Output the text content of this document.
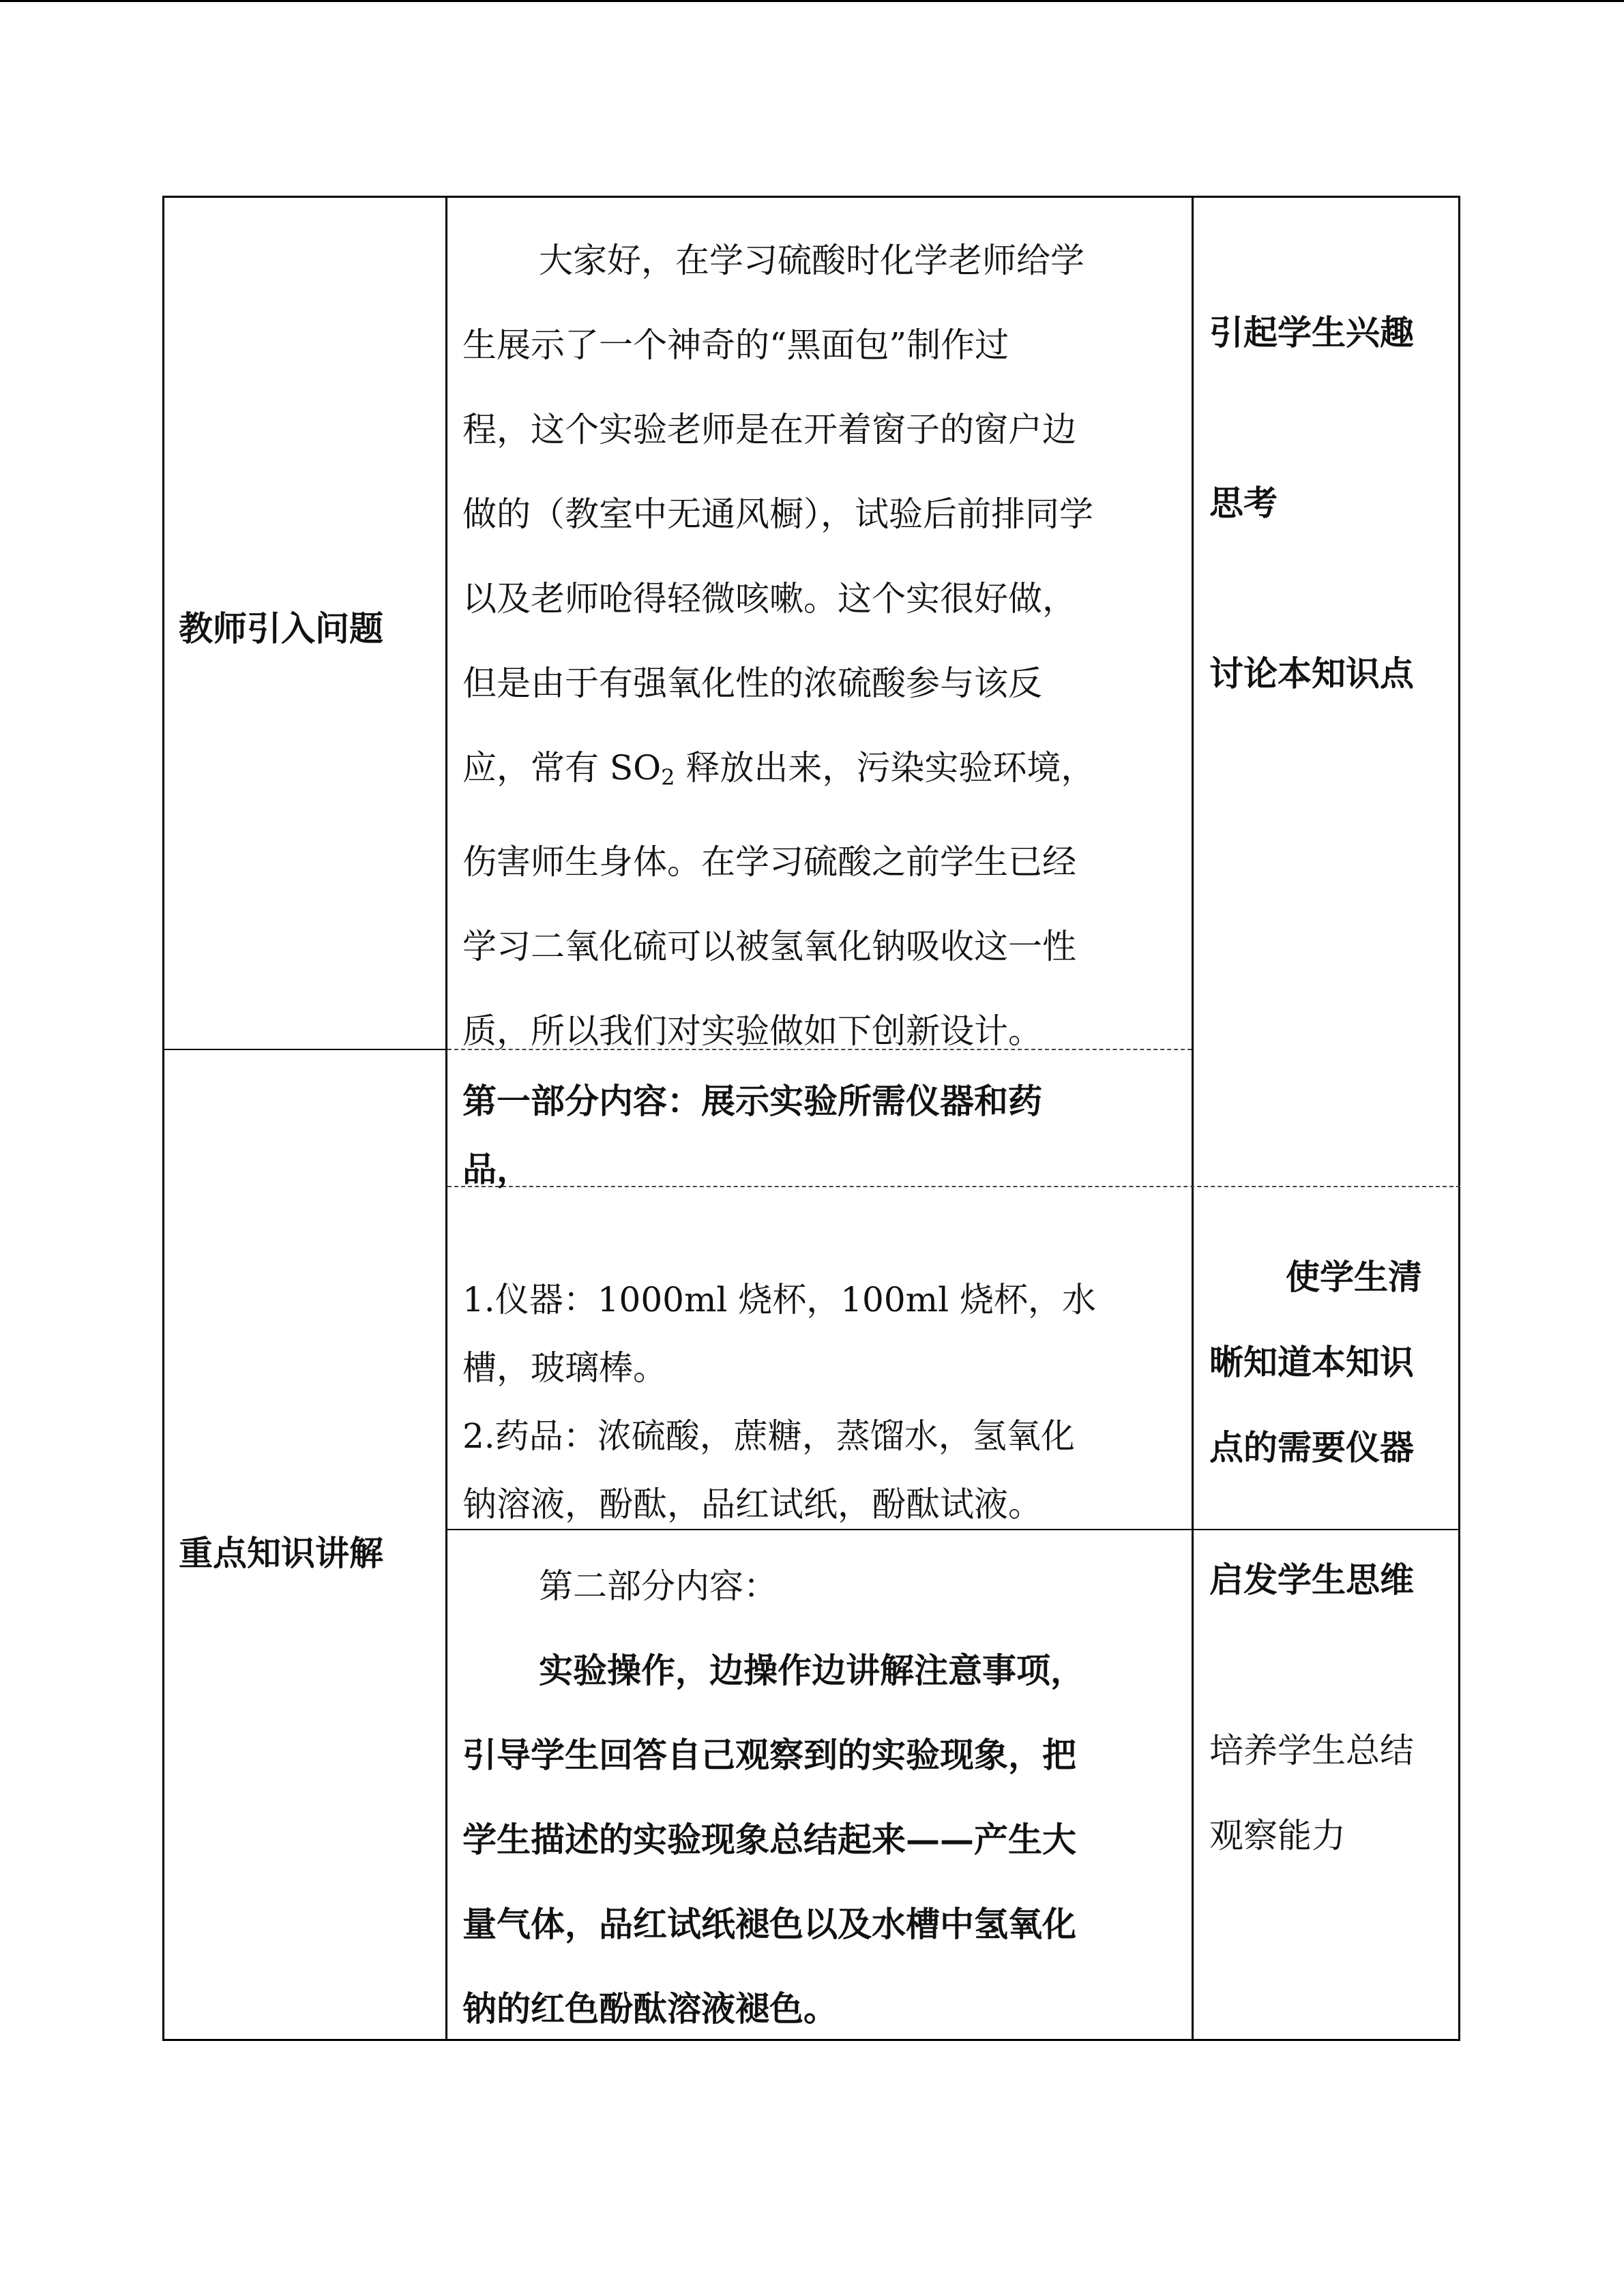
教师引入问题

大家好，在学习硫酸时化学老师给学

生展示了一个神奇的“黑面包”制作过

程，这个实验老师是在开着窗子的窗户边

做的（教室中无通风橱），试验后前排同学

以及老师呛得轻微咳嗽。这个实很好做，

但是由于有强氧化性的浓硫酸参与该反

应，常有 $SO_2$ 释放出来，污染实验环境，

伤害师生身体。在学习硫酸之前学生已经

学习二氧化硫可以被氢氧化钠吸收这一性

质，所以我们对实验做如下创新设计。

引起学生兴趣
思考
讨论本知识点
重点知识讲解

第一部分内容：展示实验所需仪器和药

品，

1.仪器：1000ml 烧杯，100ml 烧杯，水

槽，玻璃棒。

2.药品：浓硫酸，蔗糖，蒸馏水，氢氧化

钠溶液，酚酞，品红试纸，酚酞试液。

使学生清
晰知道本知识
点的需要仪器

第二部分内容：

实验操作，边操作边讲解注意事项，

引导学生回答自己观察到的实验现象，把

学生描述的实验现象总结起来——产生大

量气体，品红试纸褪色以及水槽中氢氧化

钠的红色酚酞溶液褪色。

启发学生思维
培养学生总结
观察能力
